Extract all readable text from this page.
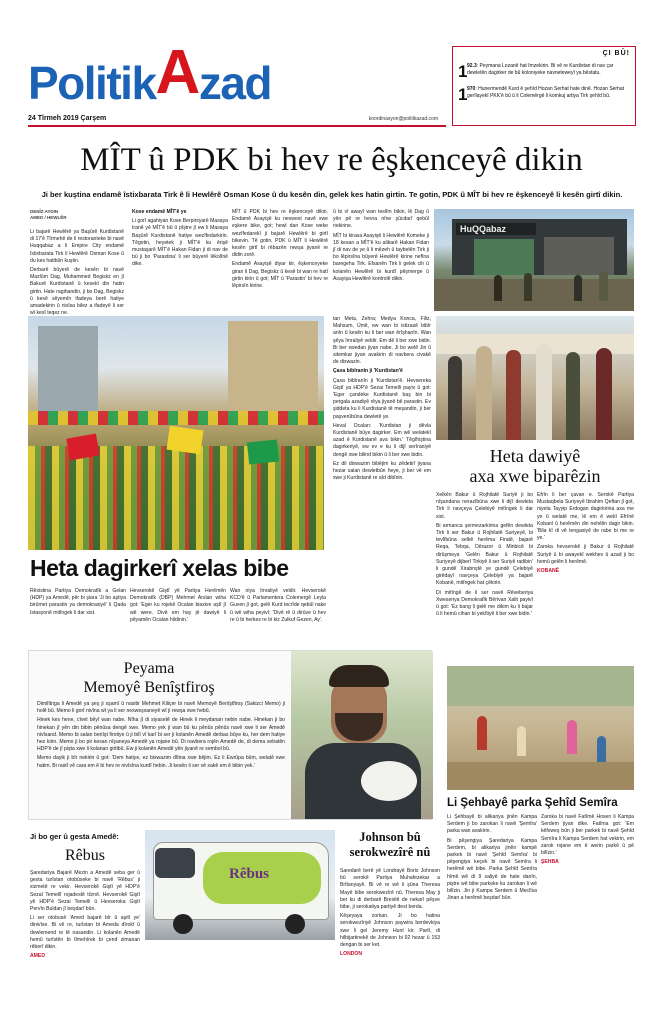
PolitikAzad
24 Tîrmeh 2019 Çarşem	koordinasyon@politikazad.com
ÇI BÛ!
1 92.3: Peymana Lozanê hat îmzekirin. Bi vê re Kurdistan di nav çar dewletên dagirker de bû koloniyeke navneteweyî ya bêstatu.
1 970: Hunermendê Kurd ê şehîd Hozan Serhat hate dinê. Hozan Serhat gerîlayekî PKK'ê bû û li Colemêrgê li komkuj artiya Tirk şehîd bû.
MÎT û PDK bi hev re êşkenceyê dikin
Ji ber kuştina endamê îstixbarata Tirk ê li Hewlêrê Osman Kose û du kesên din, gelek kes hatin girtin. Te gotin, PDK û MÎT bi hev re êşkenceyê li kesên girtî dikin.
DENÎZ AYDIN
AMED / HEWLÊR

Li bajarê Hewlêrê ya Başûrê Kurdistanê di 17'ê Tîrmehê de li restoranteke bi navê Huqqabaz a li Empire City endamê îstixbarata Tirk li Hewlêrê Osman Kose û du kes hatibûn kuştin.

Derbarê bûyerê de kesên bi navê Mazlûm Dag, Muhammed Begiskz en jî Bakurê Kurdistanê û kesekî din hatin girtin. Hate ragihandin, ji bo Dag, Begiskz û kesê sêyemîn ifadeya berê hatiye amadekirin û nivîsa bilez a ifadeyê li ser wî kesî teqez ne.

Kose endamê MÎT'ê ye

Li gorî agahiyan Kose Berpirsyarê Masaya Iranê yê MÎT'ê bû û pîştre jî ew li Masaya Başûrê Kurdistanê hatiye wezîfedarkirin. Têgotin, heyetek ji MÎT'ê ku êrişê mustaşarê MÎT'ê Hakan Fidan ji di nav de bû ji bo 'Parastina' li ser bûyerê lêkolînê dike.

MÎT û PDK bi hev re êşkenceyê dikin. Endamê Asayişê ku nexwest navê xwe eşkere bike, got; hewl dan Kose weke wezîfedarekî ji bajarê Hewlêrê bi girtî bikevin. Tê gotin, PDK û MÎT li Hewlêrê kesên girtî bi rêbazên rewşa jiyanê re didin zorê.

Endamê Asayişê diyar kir, êşkenceyeke giran li Dag, Begiskz û kesê bi wan re hatî girtin kirin û got; MÎT û 'Parastin' bi hev re lêpirsîn kirine.

û bi vî awayî wan teslîm bikin, lê Dag û yên pê re hevra nîne şûcdarî qebûl nekirine.

MÎT bi kiraxa Asayişê li Hewlêrê Komeke ji 18 kesan a MÎT'ê ku alikarê Hakan Fidan jî di nav de ye û li mêzeh û taybetên Tirk ji bo lêpirsîna bûyerê Hewlêrê kirine nefîna baregeha Tirk. Efsanên Tirk li gelek cih û kolanên Hewlêrê bi kurdî pêşmerge û Asayişa Hewlêrê kontrolê dikin.

HuQQabaz
Heta dagirkerî xelas bibe

Rêxistina Partiya Demokratîk a Gelan (HDP) ya Amedê, pêr bi şiara 'Ji bo aştiya birûmet parastin ya demokrasiyê' li Qada Istasyonê mitîngek li dar xist.

Hevserokê Giştî yê Partiya Herêmên Demokratîk (DBP) Mehmet Arslan wiha got: 'Eger ku rojekê Ocalan biaxive aştî jî wê were. Divê em hay jê dawiyê li pêyamên Ocalan hildinin.'

Wan niya îmraliyê veldir. Hevserokê KCD'ê û Parlamentera Colemergê Leyla Guven jî got, gelê Kurd tecrîde qebûl nake û wê wiha peyivî: 'Divê rê û dirûve û hev re û bi herkes re bi kiz Zulkuf Gezen, Ay'.

tan Meta, Zehra; Medya Konca, Filiz, Mahsum, Ümit, ew wan bi istizasê bibîr anîn û kesên ku li ber wan êrîşhanîn. Wan şêya îmraliyê veldir. Em dê li ber xwe bidin. Bi ber xwedan jiyan nabe. Ji bo welê Jin û sitemkar jiyan avakirin di navbera civakê de dixwazin.

Çaxa bibîranîn ji 'Kurdistan'ê

Çaxa bibîranîn ji 'Kurdistan'ê. Hevsereka Giştî ya HDP'ê Sezai Temelli payiv û got: 'Eger çandeke Kurdistanê baş bin bi pergala azadiyê rêya jiyanê bê parastin. Ev şiddeta ku li Kurdistanê tê meşandin, ji ber paşverûbûna dewletê ye.

Heval Ocalan: 'Kurdistan ji dêvla Kurdistanê bûye dagirker. Em wê welatekî azad ê Kurdistanê ava bikin.' Têgîhiştina dagirkeriyê, ew ev e ku li dijî serîraniyê dengê xwe bilind bikin û li ber xwe bidin.

Ez dil dixwazim bibêjim ku zêdetirî jiyana hezar salan dewletbûn heye, ji ber vê em xwe ji Kurdistanê re aîd dibînin.

Heta dawiyê
axa xwe biparêzin

Xelkên Bakur û Rojhilatê Suriyê ji bo nîşandana nerazîbûna xwe li dijî dewleta Tirk li navçeya Çelebiyê mitîngek li dar xist.

Bi armanca şermezarkirina gefên dewleta Tirk li ser Bakur û Rojhilatê Suriyeyê, bi tevlîbûna xelkê herêma Firatê, bajarê Reqa, Tebqa, Dêrazor û Minbicê bi dirûşmeya 'Gelên Bakur û Rojhilatê Suriyeyê dijberî Tirkiyê li ser Suriyê radibin' li gundê Xirabnştê ye gundê Çelebiyê girêdayî navçeya Çelebiyê ya bajarê Kobanê, mitîngek hat çêkirin.

Di mitîngê de li ser navê Rêveberiya Xweseriya Demokratîk Bêrivan Xalit payivî û got: 'Ez bang li gelê me dikim ku li bajar û li hemû cihan bi yekîtiyê li ber xwe bidin.'

Efrîn li ber çavan e. Serokê Partiya Mustaqbela Suriyeyê Ibrahim Qeftan jî got, niyeta Tayyip Erdogan dagirkirina axa me ye û welatê me, lê em ê wekî Efrînê Kobanî û herêmên din nehêlin dagir bikin. 'Bila kî di vê tengasiyê de rabe bi me re ye.'

Zaroka hevserokê ji Bakur û Rojhilatê Suriyê û bi awayekî wekhev û azad ji bo hemû gelên li herêmê.

KOBANÊ
Peyama
Memoyê Benîştfiroş

Dimilîtnga li Amedê ya şeş ji xşamî û nasitir Mehmet Kiliçer bi navê Memoyê Benîştfiroş (Sakizci Memo) ji holê bû. Memo li gorî nivîna wî ya li ser nexweşxaneyê wî ji rewşa xwe hebû.

Hinek kes hene, cîvet bêyî wan nabe. Nîha jî di siyasetê de Hinek li meydanan nebin nabe. Hinekan ji bo hinekan jî yên din bibin pênûsa dengê xwe. Memo yek ji wan bû ku pênûs pênûs navê xwe li ser Amedê nivîsand. Memo bi salan benîşt firotiye û ji bilî vî karî bi ser ji kolanên Amedê derbas bûye ku, her dem hatiye hez kirin. Memo ji bo pir kesan nîşaneya Amedê ya rojane bû. Di navbera rojên Amedê de, di dema xebatên HDP'ê de jî pişta xwe li kolanan girtibû. Ew ji kolanên Amedê yên jiyanê re sembol bû.

Memo dayik ji bîr nekirin û got: 'Dem hatiye, ez bixwazim dîtina xwe bêjim. Ez li Ewrûpa bûm, welatê xwe hatim. Bi rastî vê cara em ê bi hev re nivîsîna kurdî hebin. Ji kesên li ser vê xakê em ê bibin yek.'

Li Şehbayê parka Şehîd Semîra

Li Şehbayê bi alikariya jinên Kampa Serdem ji bo zarokan li navê 'Şemîra' parka wan avakirin.

Bi pêşengiya Şaredariya Kampa Serdem, bi alikariya jinên kampê parkek bi navê 'Şehîd Semîra' bi pêşengiya keçek bi navê Semîra li herêmê wê bibe. Parka Şehîd Semîra hîmê wê di 9 saliyê de hate danîn, piştre wê bibe parkeke ku zarokan li wê bilîzin. Jin ji Kampa Serdem û Meclîsa Jinan a herêmê beşdarî bûn.

Zaroka bi navê Fatîmê Hosen li Kampa Serdem jiyan dike. Fatîma got: 'Em kêfxweş bûn ji ber parkek bi navê Şehîd Semîra li Kampa Serdem hat vekirin, em zarok rojane em ê werin parkê û pê bilîzin.'

ŞEHBA
Ji bo ger û gesta Amedê:
Rêbus

Şaredariya Bajarê Mezin a Amedê seba ger û gesta turîstan otobûseke bi navê 'Rêbus' ji xizmetê re vekir. Hevserokê Giştî yê HDP'ê Sezaî Temellî rojadestê tûrnê. Hevserokê Giştî yê HDP'ê Sezai Temelli û Hevseroka Giştî Pervîn Buldan jî beşdarî bûn.

Li ser otobusê 'Amed bajarê bîr û aşitî ye' dinivîse. Bi vê re, turîstan bi Ameda dîrokî û dewlemend re tê nasandin. Li kolanên Amedê hemû turîstên bi tîmehîrek bi çend zimanan rêberî dikin.

AMED
Rêbus
Johnson bû
serokwezîrê nû

Saredarê berê yê Londrayê Boris Johnson bû serokê Partiya Muhafezekar a Brîtanyayê. Bi vê re wê li şûna Theresa Mayê bibe serokwezîrê nû. Theresa May ji ber ku di derbarê Brexitê de nekarî pêşve bibe, ji serokatiya partiyê dest berda.

Kêşeyaya zorkan. Ji bo hatina serokwezîriyê Johnson paywira berdevkiya xwe li gel Jeremy Hunt kir. Partî, di hilbijartinekê de Johnson bi 92 hezar û 153 dengan bi ser ket.

LONDON
